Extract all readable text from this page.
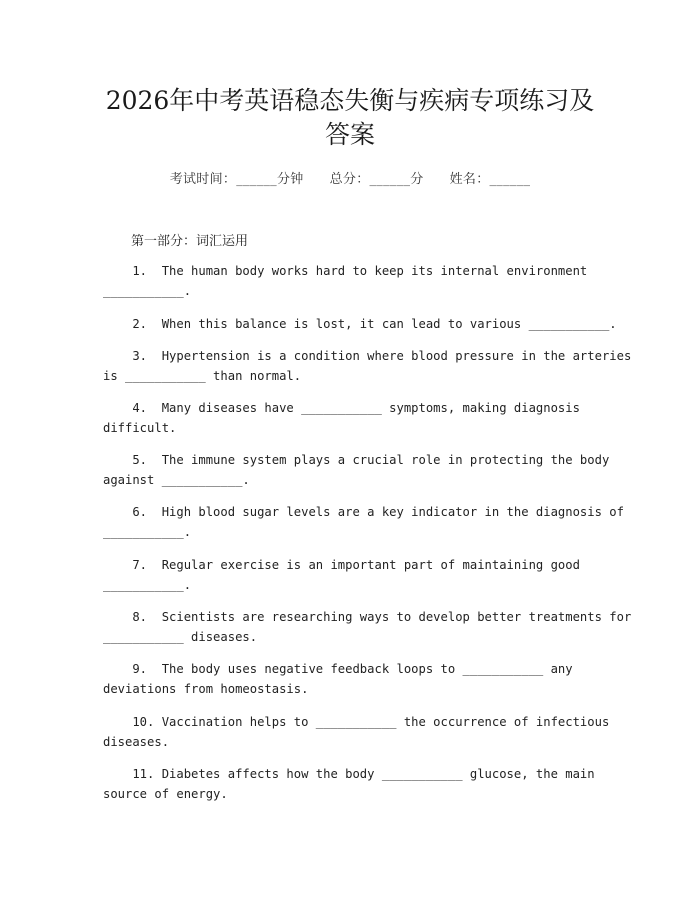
2026年中考英语稳态失衡与疾病专项练习及
答案
考试时间：______分钟 总分：______分 姓名：______
第一部分：词汇运用
1.  The human body works hard to keep its internal environment
___________.
2.  When this balance is lost, it can lead to various ___________.
3.  Hypertension is a condition where blood pressure in the arteries
is ___________ than normal.
4.  Many diseases have ___________ symptoms, making diagnosis
difficult.
5.  The immune system plays a crucial role in protecting the body
against ___________.
6.  High blood sugar levels are a key indicator in the diagnosis of
___________.
7.  Regular exercise is an important part of maintaining good
___________.
8.  Scientists are researching ways to develop better treatments for
___________ diseases.
9.  The body uses negative feedback loops to ___________ any
deviations from homeostasis.
10. Vaccination helps to ___________ the occurrence of infectious
diseases.
11. Diabetes affects how the body ___________ glucose, the main
source of energy.
